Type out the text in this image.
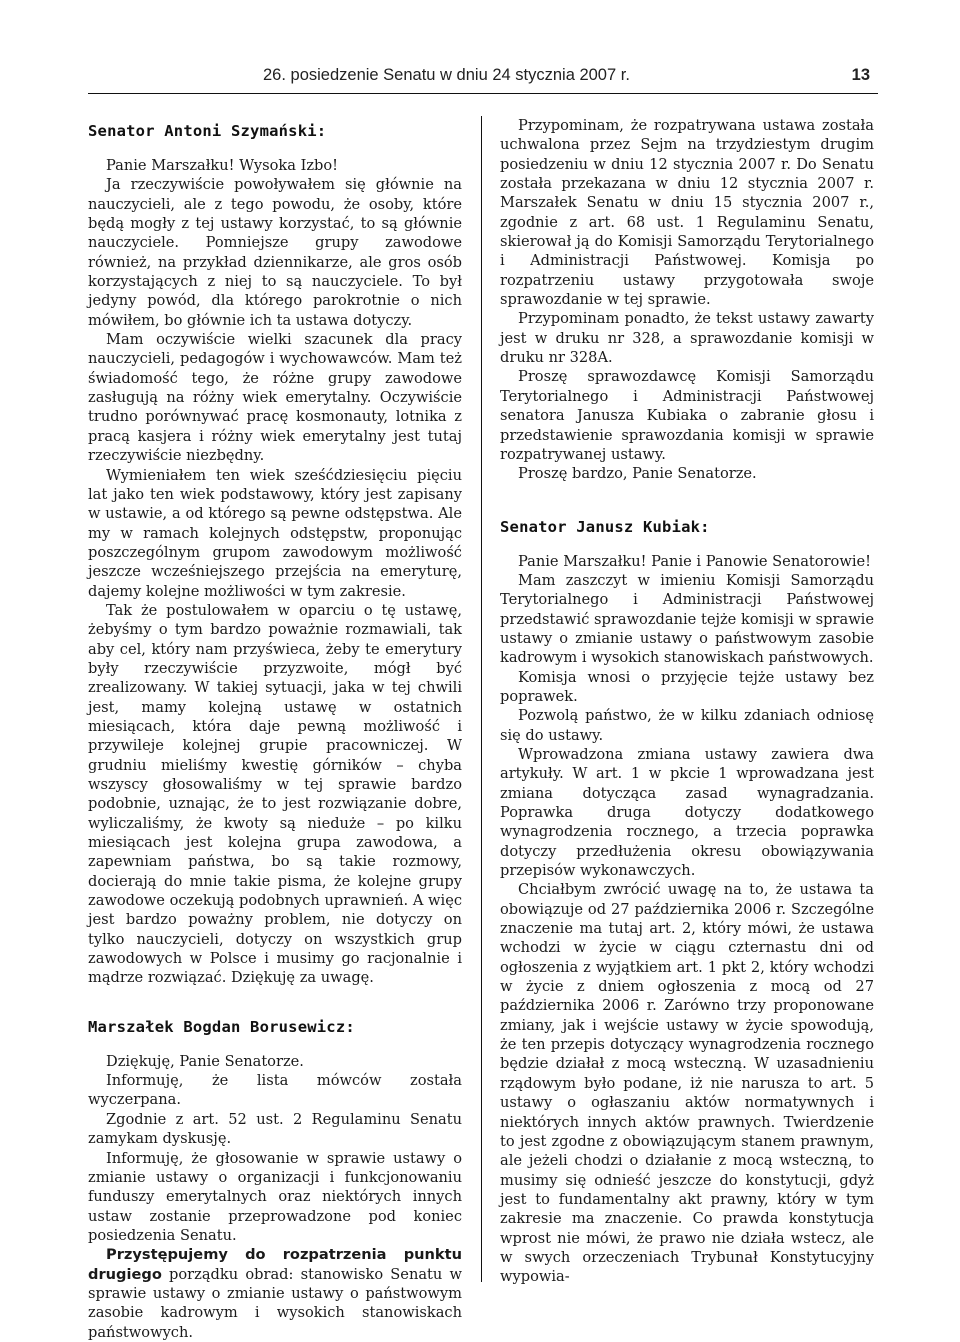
26. posiedzenie Senatu w dniu 24 stycznia 2007 r.	13
Senator Antoni Szymański:

Panie Marszałku! Wysoka Izbo!

Ja rzeczywiście powoływałem się głównie na nauczycieli, ale z tego powodu, że osoby, które będą mogły z tej ustawy korzystać, to są głównie nauczyciele. Pomniejsze grupy zawodowe również, na przykład dziennikarze, ale gros osób korzystających z niej to są nauczyciele. To był jedyny powód, dla którego parokrotnie o nich mówiłem, bo głównie ich ta ustawa dotyczy.

Mam oczywiście wielki szacunek dla pracy nauczycieli, pedagogów i wychowawców. Mam też świadomość tego, że różne grupy zawodowe zasługują na różny wiek emerytalny. Oczywiście trudno porównywać pracę kosmonauty, lotnika z pracą kasjera i różny wiek emerytalny jest tutaj rzeczywiście niezbędny.

Wymieniałem ten wiek sześćdziesięciu pięciu lat jako ten wiek podstawowy, który jest zapisany w ustawie, a od którego są pewne odstępstwa. Ale my w ramach kolejnych odstępstw, proponując poszczególnym grupom zawodowym możliwość jeszcze wcześniejszego przejścia na emeryturę, dajemy kolejne możliwości w tym zakresie.

Tak że postulowałem w oparciu o tę ustawę, żebyśmy o tym bardzo poważnie rozmawiali, tak aby cel, który nam przyświeca, żeby te emerytury były rzeczywiście przyzwoite, mógł być zrealizowany. W takiej sytuacji, jaka w tej chwili jest, mamy kolejną ustawę w ostatnich miesiącach, która daje pewną możliwość i przywileje kolejnej grupie pracowniczej. W grudniu mieliśmy kwestię górników – chyba wszyscy głosowaliśmy w tej sprawie bardzo podobnie, uznając, że to jest rozwiązanie dobre, wyliczaliśmy, że kwoty są nieduże – po kilku miesiącach jest kolejna grupa zawodowa, a zapewniam państwa, bo są takie rozmowy, docierają do mnie takie pisma, że kolejne grupy zawodowe oczekują podobnych uprawnień. A więc jest bardzo poważny problem, nie dotyczy on tylko nauczycieli, dotyczy on wszystkich grup zawodowych w Polsce i musimy go racjonalnie i mądrze rozwiązać. Dziękuję za uwagę.

Marszałek Bogdan Borusewicz:

Dziękuję, Panie Senatorze.

Informuję, że lista mówców została wyczerpana.

Zgodnie z art. 52 ust. 2 Regulaminu Senatu zamykam dyskusję.

Informuję, że głosowanie w sprawie ustawy o zmianie ustawy o organizacji i funkcjonowaniu funduszy emerytalnych oraz niektórych innych ustaw zostanie przeprowadzone pod koniec posiedzenia Senatu.

Przystępujemy do rozpatrzenia punktu drugiego porządku obrad: stanowisko Senatu w sprawie ustawy o zmianie ustawy o państwowym zasobie kadrowym i wysokich stanowiskach państwowych.

Przypominam, że rozpatrywana ustawa została uchwalona przez Sejm na trzydziestym drugim posiedzeniu w dniu 12 stycznia 2007 r. Do Senatu została przekazana w dniu 12 stycznia 2007 r. Marszałek Senatu w dniu 15 stycznia 2007 r., zgodnie z art. 68 ust. 1 Regulaminu Senatu, skierował ją do Komisji Samorządu Terytorialnego i Administracji Państwowej. Komisja po rozpatrzeniu ustawy przygotowała swoje sprawozdanie w tej sprawie.

Przypominam ponadto, że tekst ustawy zawarty jest w druku nr 328, a sprawozdanie komisji w druku nr 328A.

Proszę sprawozdawcę Komisji Samorządu Terytorialnego i Administracji Państwowej senatora Janusza Kubiaka o zabranie głosu i przedstawienie sprawozdania komisji w sprawie rozpatrywanej ustawy.

Proszę bardzo, Panie Senatorze.

Senator Janusz Kubiak:

Panie Marszałku! Panie i Panowie Senatorowie!

Mam zaszczyt w imieniu Komisji Samorządu Terytorialnego i Administracji Państwowej przedstawić sprawozdanie tejże komisji w sprawie ustawy o zmianie ustawy o państwowym zasobie kadrowym i wysokich stanowiskach państwowych.

Komisja wnosi o przyjęcie tejże ustawy bez poprawek.

Pozwolą państwo, że w kilku zdaniach odniosę się do ustawy.

Wprowadzona zmiana ustawy zawiera dwa artykuły. W art. 1 w pkcie 1 wprowadzana jest zmiana dotycząca zasad wynagradzania. Poprawka druga dotyczy dodatkowego wynagrodzenia rocznego, a trzecia poprawka dotyczy przedłużenia okresu obowiązywania przepisów wykonawczych.

Chciałbym zwrócić uwagę na to, że ustawa ta obowiązuje od 27 października 2006 r. Szczególne znaczenie ma tutaj art. 2, który mówi, że ustawa wchodzi w życie w ciągu czternastu dni od ogłoszenia z wyjątkiem art. 1 pkt 2, który wchodzi w życie z dniem ogłoszenia z mocą od 27 października 2006 r. Zarówno trzy proponowane zmiany, jak i wejście ustawy w życie spowodują, że ten przepis dotyczący wynagrodzenia rocznego będzie działał z mocą wsteczną. W uzasadnieniu rządowym było podane, iż nie narusza to art. 5 ustawy o ogłaszaniu aktów normatywnych i niektórych innych aktów prawnych. Twierdzenie to jest zgodne z obowiązującym stanem prawnym, ale jeżeli chodzi o działanie z mocą wsteczną, to musimy się odnieść jeszcze do konstytucji, gdyż jest to fundamentalny akt prawny, który w tym zakresie ma znaczenie. Co prawda konstytucja wprost nie mówi, że prawo nie działa wstecz, ale w swych orzeczeniach Trybunał Konstytucyjny wypowia-
